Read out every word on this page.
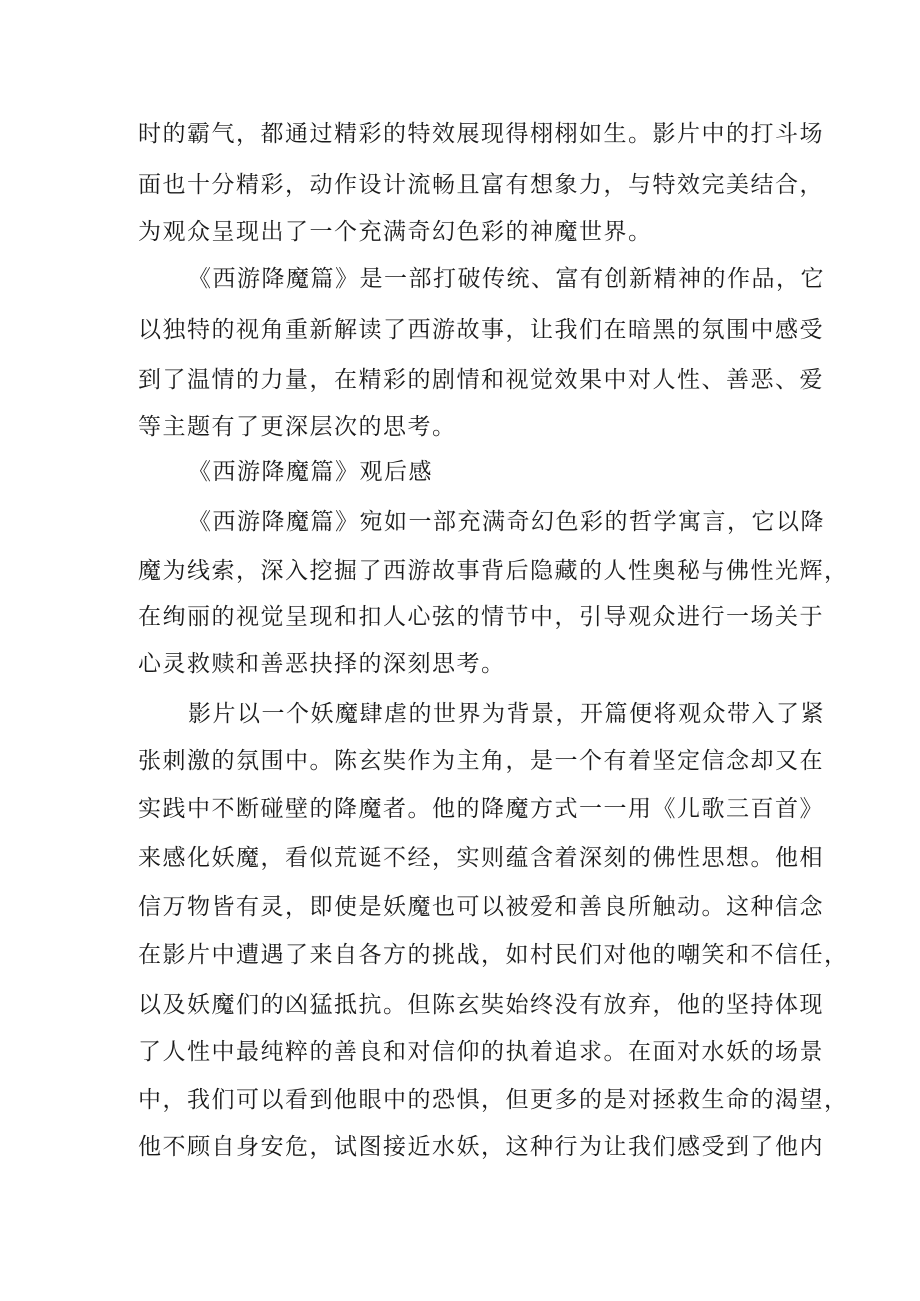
时的霸气，都通过精彩的特效展现得栩栩如生。影片中的打斗场
面也十分精彩，动作设计流畅且富有想象力，与特效完美结合，
为观众呈现出了一个充满奇幻色彩的神魔世界。
《西游降魔篇》是一部打破传统、富有创新精神的作品，它
以独特的视角重新解读了西游故事，让我们在暗黑的氛围中感受
到了温情的力量，在精彩的剧情和视觉效果中对人性、善恶、爱
等主题有了更深层次的思考。
《西游降魔篇》观后感
《西游降魔篇》宛如一部充满奇幻色彩的哲学寓言，它以降
魔为线索，深入挖掘了西游故事背后隐藏的人性奥秘与佛性光辉，
在绚丽的视觉呈现和扣人心弦的情节中，引导观众进行一场关于
心灵救赎和善恶抉择的深刻思考。
影片以一个妖魔肆虐的世界为背景，开篇便将观众带入了紧
张刺激的氛围中。陈玄奘作为主角，是一个有着坚定信念却又在
实践中不断碰壁的降魔者。他的降魔方式一一用《儿歌三百首》
来感化妖魔，看似荒诞不经，实则蕴含着深刻的佛性思想。他相
信万物皆有灵，即使是妖魔也可以被爱和善良所触动。这种信念
在影片中遭遇了来自各方的挑战，如村民们对他的嘲笑和不信任，
以及妖魔们的凶猛抵抗。但陈玄奘始终没有放弃，他的坚持体现
了人性中最纯粹的善良和对信仰的执着追求。在面对水妖的场景
中，我们可以看到他眼中的恐惧，但更多的是对拯救生命的渴望，
他不顾自身安危，试图接近水妖，这种行为让我们感受到了他内
